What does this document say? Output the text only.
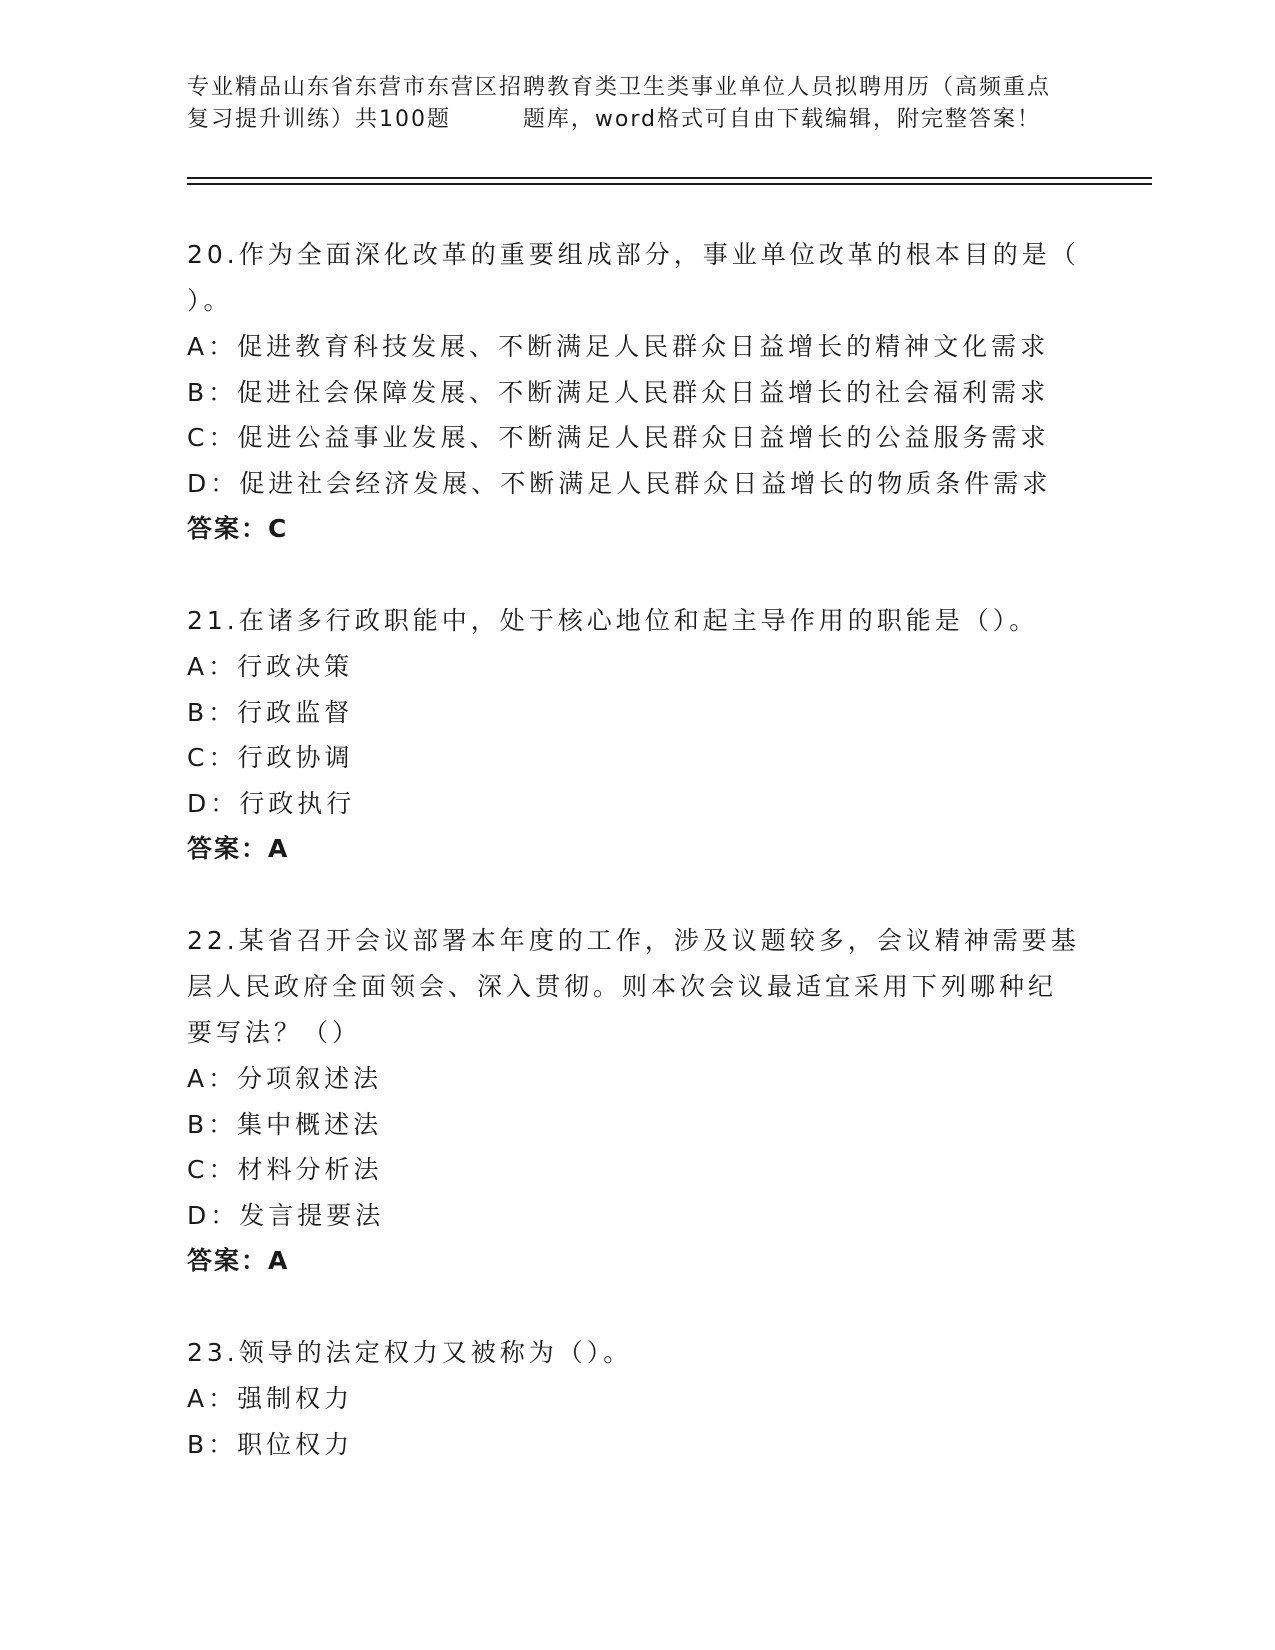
专业精品山东省东营市东营区招聘教育类卫生类事业单位人员拟聘用历（高频重点
复习提升训练）共100题        题库，word格式可自由下载编辑，附完整答案！
20.作为全面深化改革的重要组成部分，事业单位改革的根本目的是（
）。
A：促进教育科技发展、不断满足人民群众日益增长的精神文化需求
B：促进社会保障发展、不断满足人民群众日益增长的社会福利需求
C：促进公益事业发展、不断满足人民群众日益增长的公益服务需求
D：促进社会经济发展、不断满足人民群众日益增长的物质条件需求
答案：C
21.在诸多行政职能中，处于核心地位和起主导作用的职能是（）。
A：行政决策
B：行政监督
C：行政协调
D：行政执行
答案：A
22.某省召开会议部署本年度的工作，涉及议题较多，会议精神需要基
层人民政府全面领会、深入贯彻。则本次会议最适宜采用下列哪种纪
要写法？（）
A：分项叙述法
B：集中概述法
C：材料分析法
D：发言提要法
答案：A
23.领导的法定权力又被称为（）。
A：强制权力
B：职位权力
